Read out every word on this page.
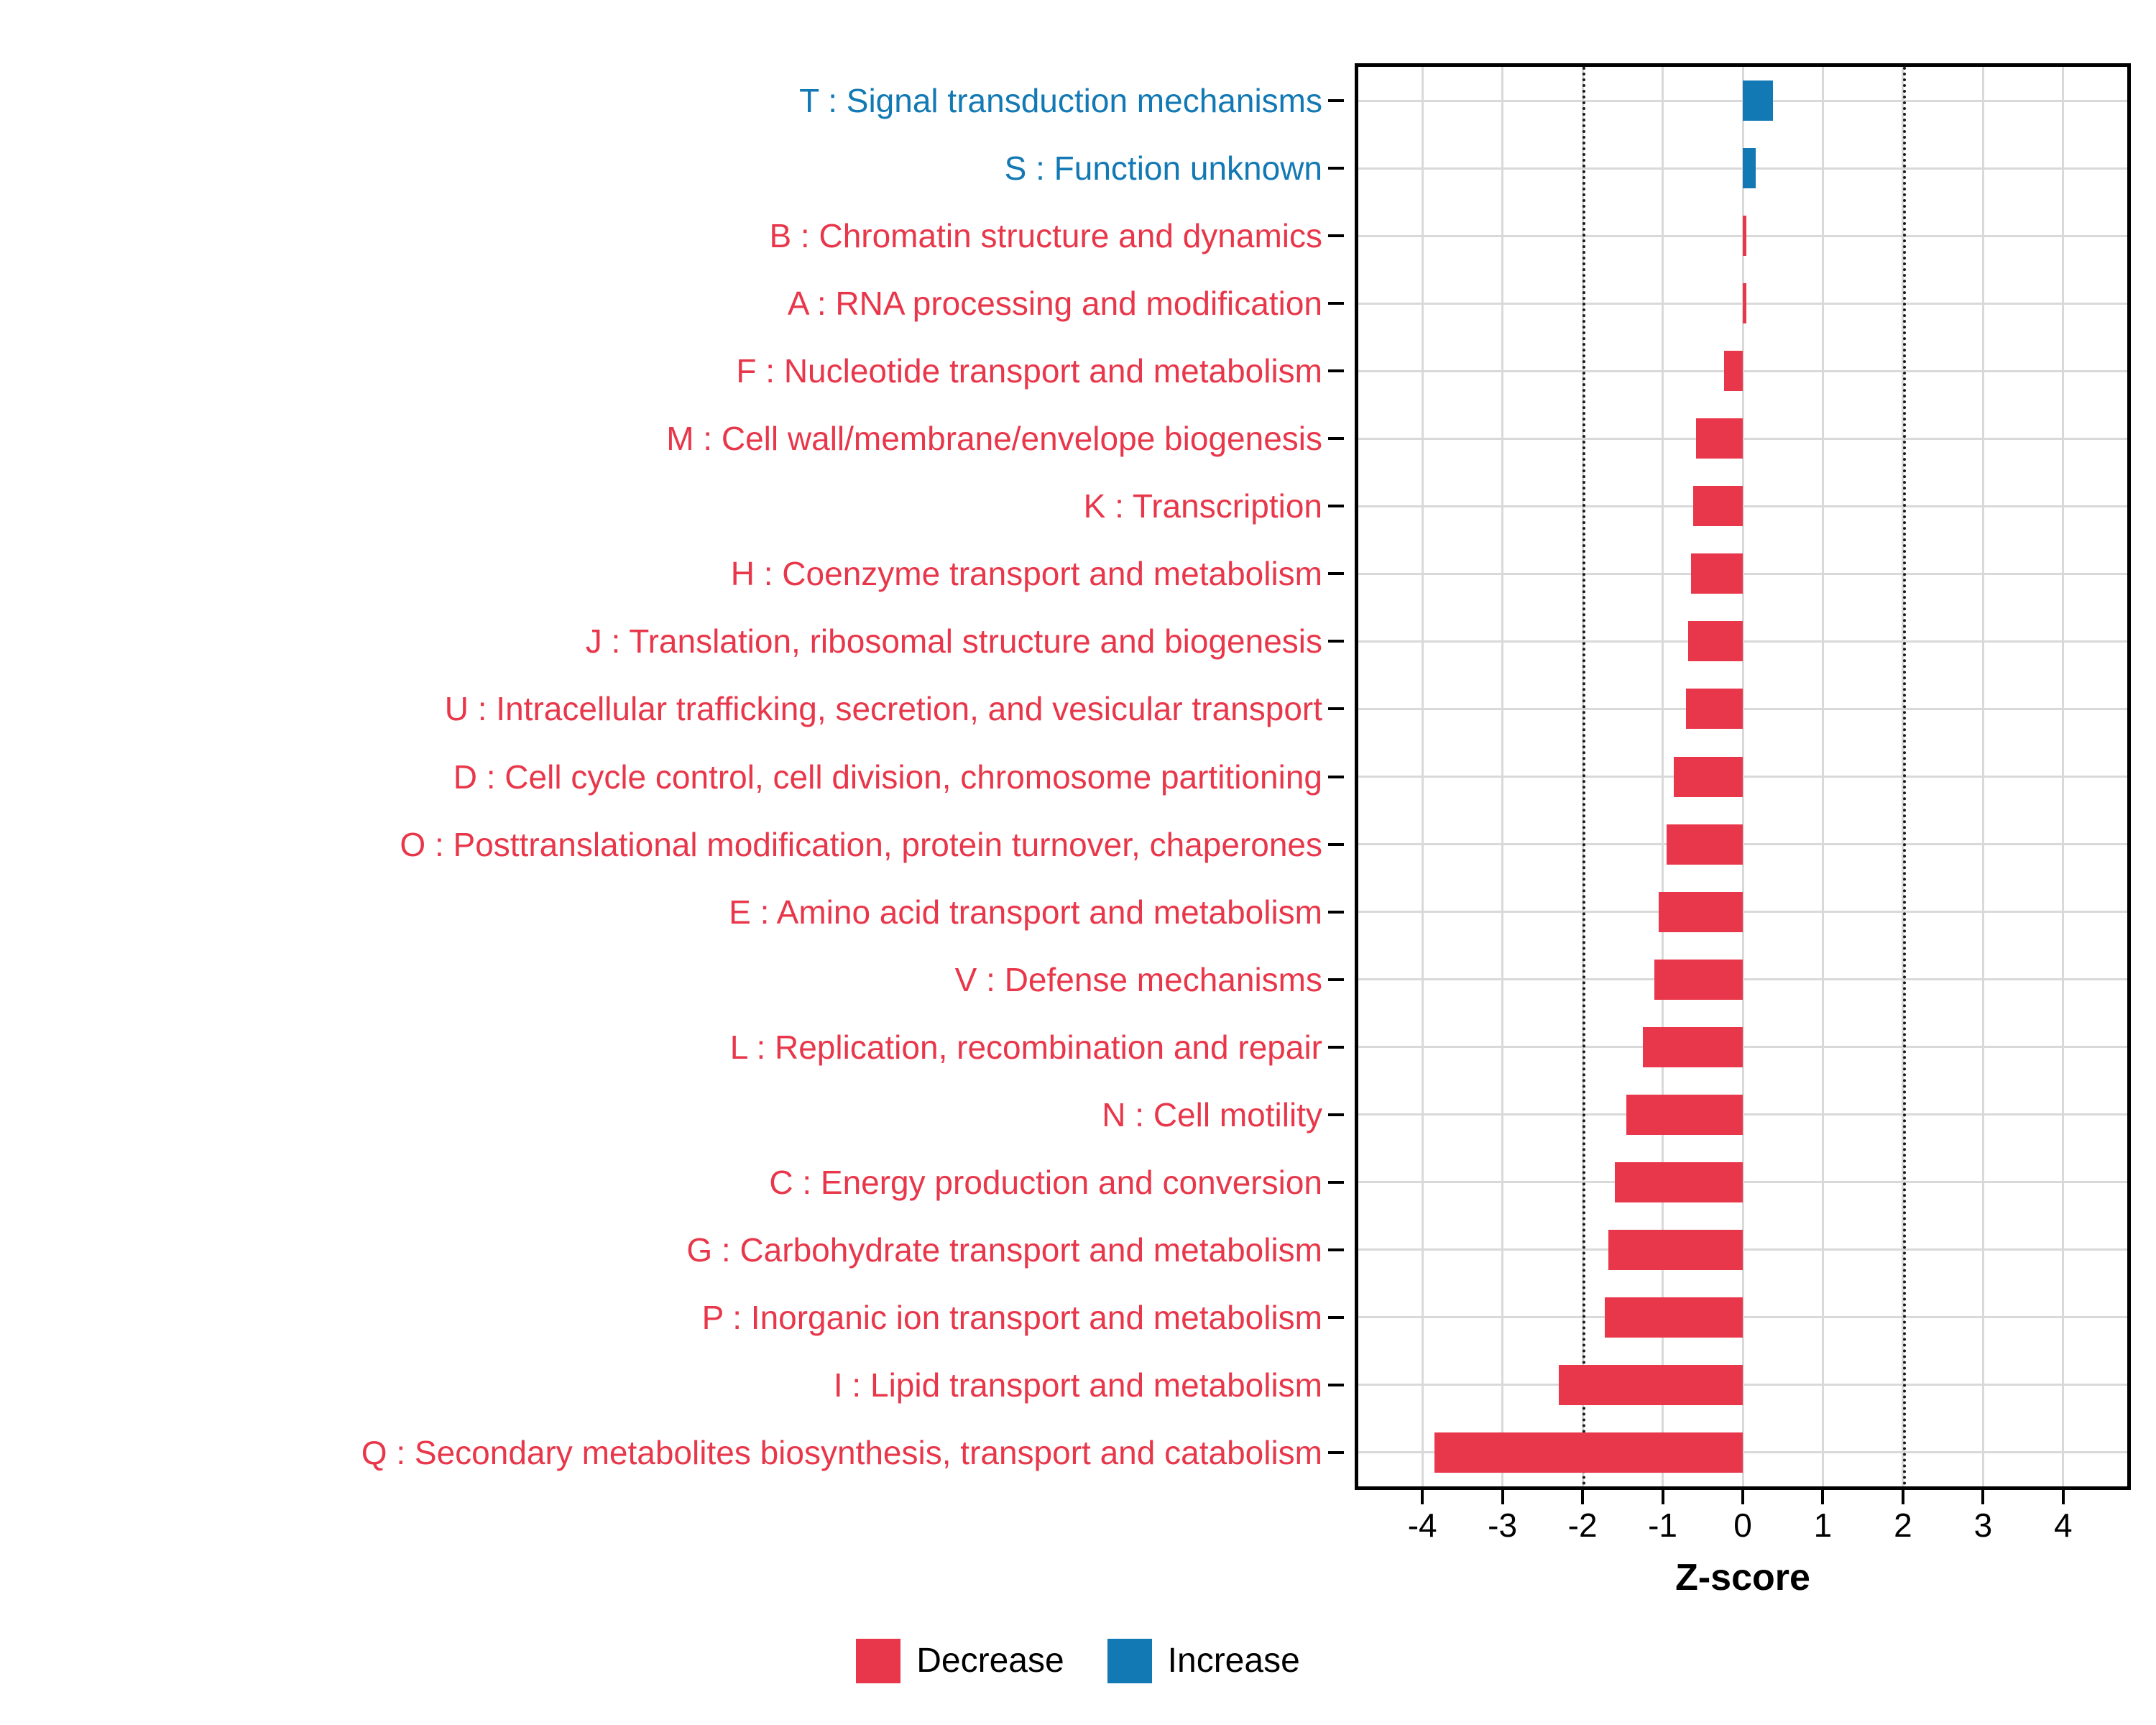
T : Signal transduction mechanisms
S : Function unknown
B : Chromatin structure and dynamics
A : RNA processing and modification
F : Nucleotide transport and metabolism
M : Cell wall/membrane/envelope biogenesis
K : Transcription
H : Coenzyme transport and metabolism
J : Translation, ribosomal structure and biogenesis
U : Intracellular trafficking, secretion, and vesicular transport
D : Cell cycle control, cell division, chromosome partitioning
O : Posttranslational modification, protein turnover, chaperones
E : Amino acid transport and metabolism
V : Defense mechanisms
L : Replication, recombination and repair
N : Cell motility
C : Energy production and conversion
G : Carbohydrate transport and metabolism
P : Inorganic ion transport and metabolism
I : Lipid transport and metabolism
Q : Secondary metabolites biosynthesis, transport and catabolism
-4 -3 -2 -1 0 1 2 3 4
Z-score
Decrease	Increase
